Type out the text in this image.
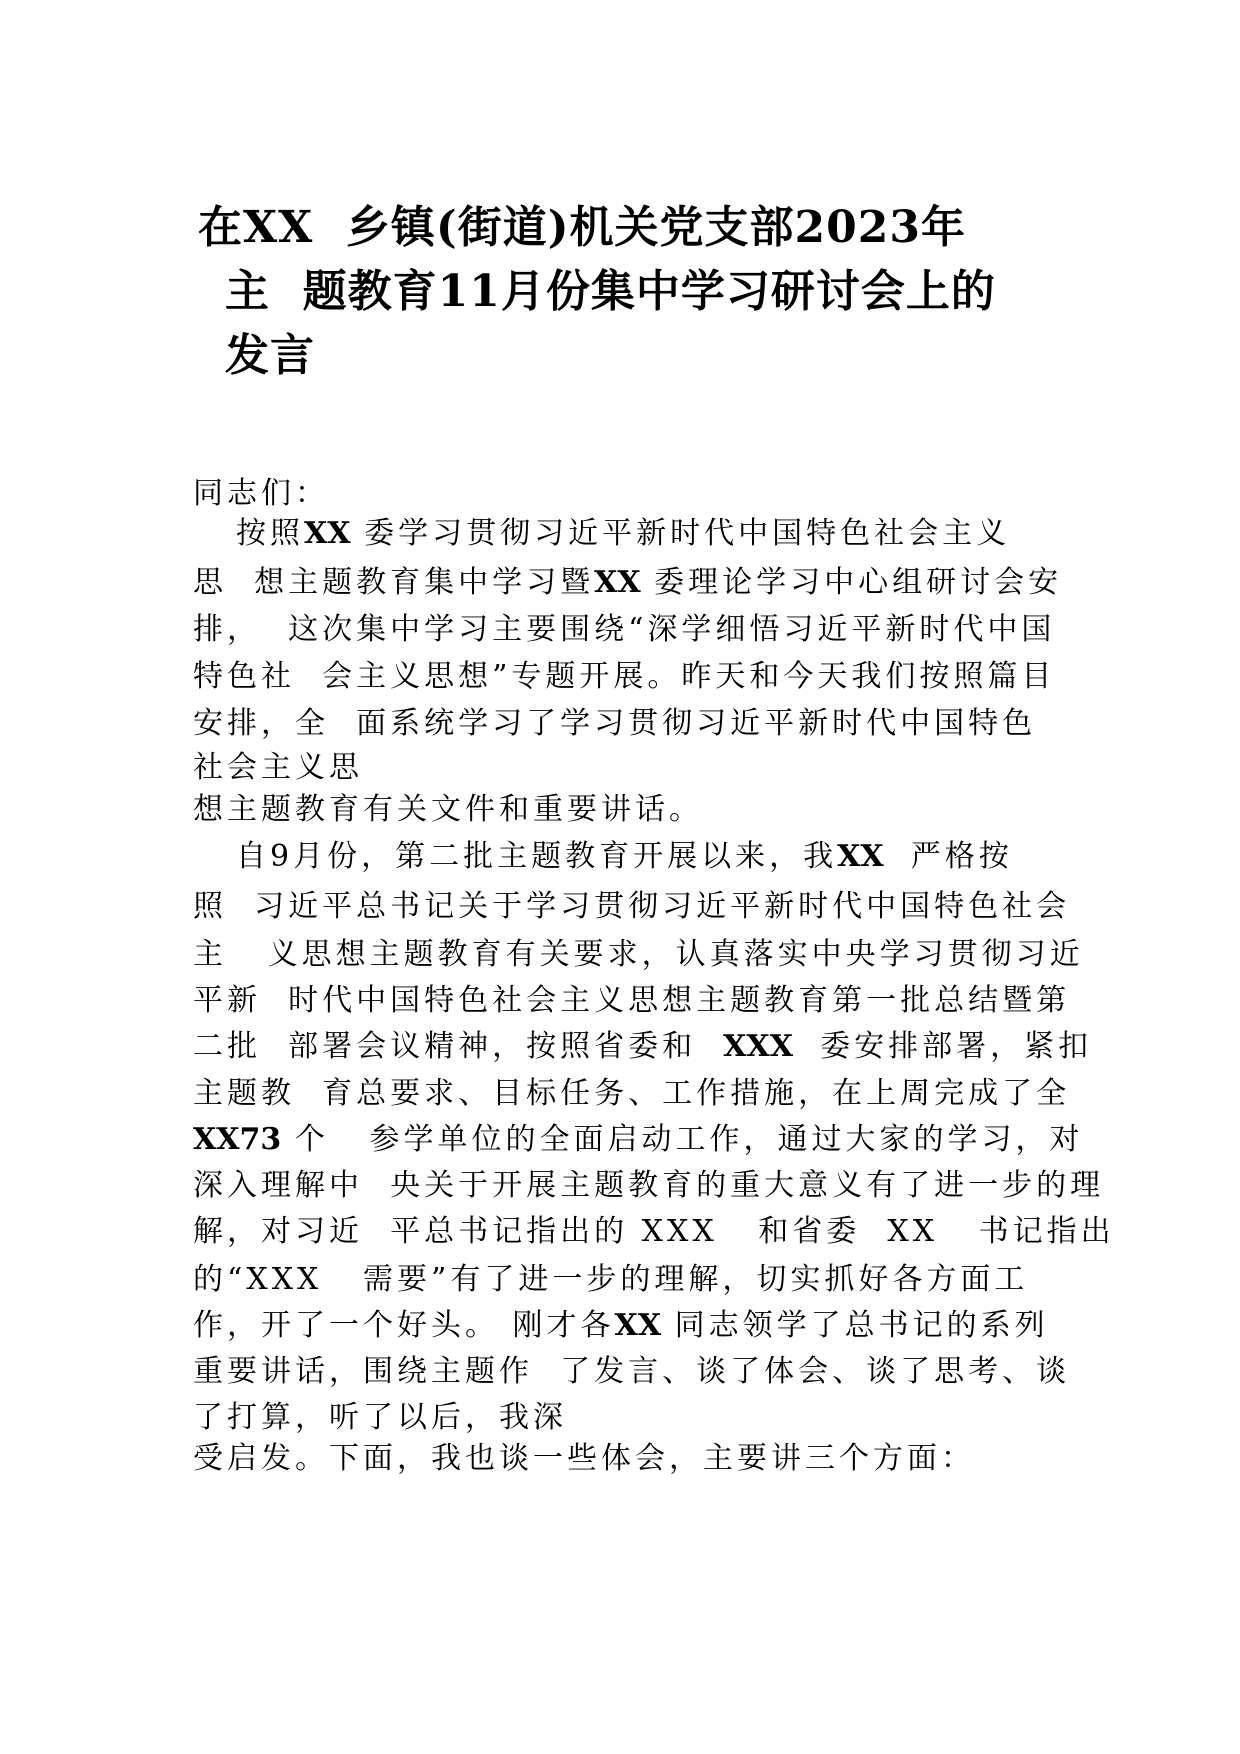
在XX  乡镇(街道)机关党支部2023年
主  题教育11月份集中学习研讨会上的
发言
同志们：
按照XX 委学习贯彻习近平新时代中国特色社会主义
思  想主题教育集中学习暨XX 委理论学习中心组研讨会安
排，  这次集中学习主要围绕“深学细悟习近平新时代中国
特色社  会主义思想”专题开展。昨天和今天我们按照篇目
安排，全  面系统学习了学习贯彻习近平新时代中国特色
社会主义思
想主题教育有关文件和重要讲话。
自9月份，第二批主题教育开展以来，我XX  严格按
照  习近平总书记关于学习贯彻习近平新时代中国特色社会
主   义思想主题教育有关要求，认真落实中央学习贯彻习近
平新  时代中国特色社会主义思想主题教育第一批总结暨第
二批  部署会议精神，按照省委和  XXX  委安排部署，紧扣
主题教  育总要求、目标任务、工作措施，在上周完成了全
XX73 个   参学单位的全面启动工作，通过大家的学习，对
深入理解中  央关于开展主题教育的重大意义有了进一步的理
解，对习近  平总书记指出的 XXX   和省委  XX   书记指出
的“XXX   需要”有了进一步的理解，切实抓好各方面工
作，开了一个好头。 刚才各XX 同志领学了总书记的系列
重要讲话，围绕主题作  了发言、谈了体会、谈了思考、谈
了打算，听了以后，我深
受启发。下面，我也谈一些体会，主要讲三个方面：
